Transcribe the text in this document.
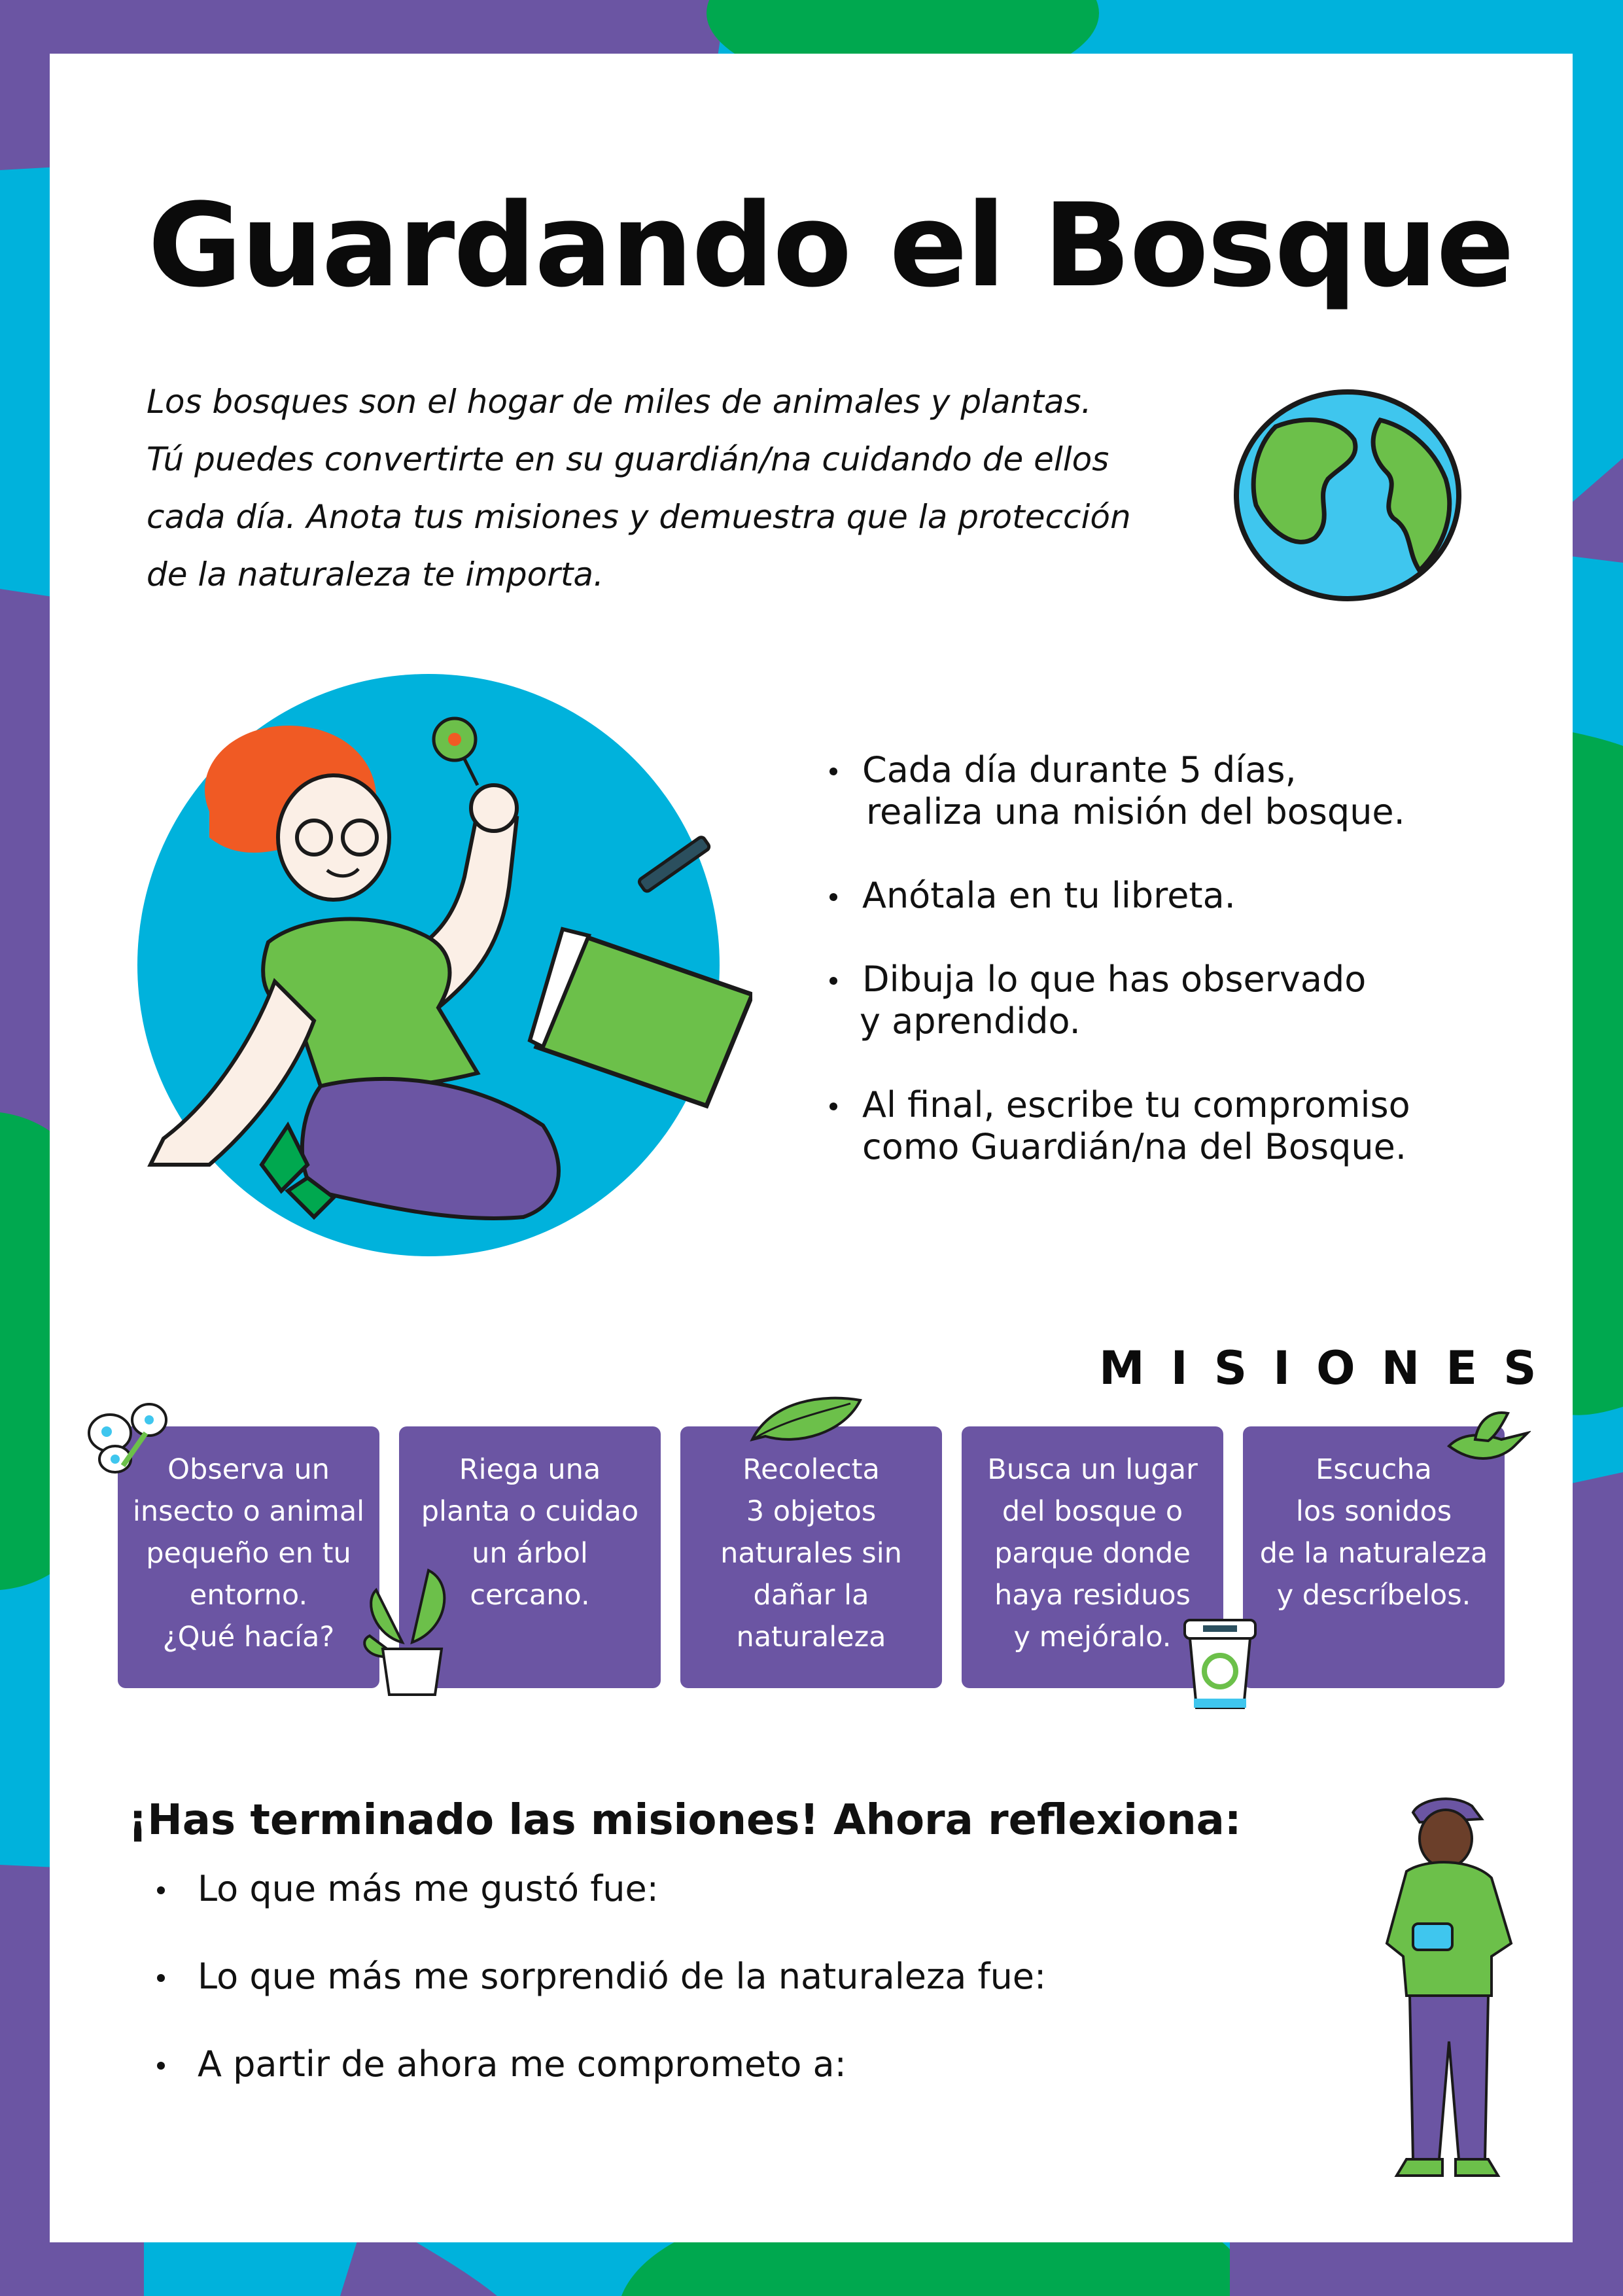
Guardando el Bosque
Los bosques son el hogar de miles de animales y plantas.
Tú puedes convertirte en su guardián/na cuidando de ellos
cada día. Anota tus misiones y demuestra que la protección
de la naturaleza te importa.
Cada día durante 5 días,
realiza una misión del bosque.
Anótala en tu libreta.
Dibuja lo que has observado
y aprendido.
Al final, escribe tu compromiso
como Guardián/na del Bosque.
MISIONES
Observa un
insecto o animal
pequeño en tu
entorno.
¿Qué hacía?
Riega una
planta o cuidao
un árbol
cercano.
Recolecta
3 objetos
naturales sin
dañar la
naturaleza
Busca un lugar
del bosque o
parque donde
haya residuos
y mejóralo.
Escucha
los sonidos
de la naturaleza
y descríbelos.
¡Has terminado las misiones! Ahora reflexiona:
Lo que más me gustó fue:
Lo que más me sorprendió de la naturaleza fue:
A partir de ahora me comprometo a:
